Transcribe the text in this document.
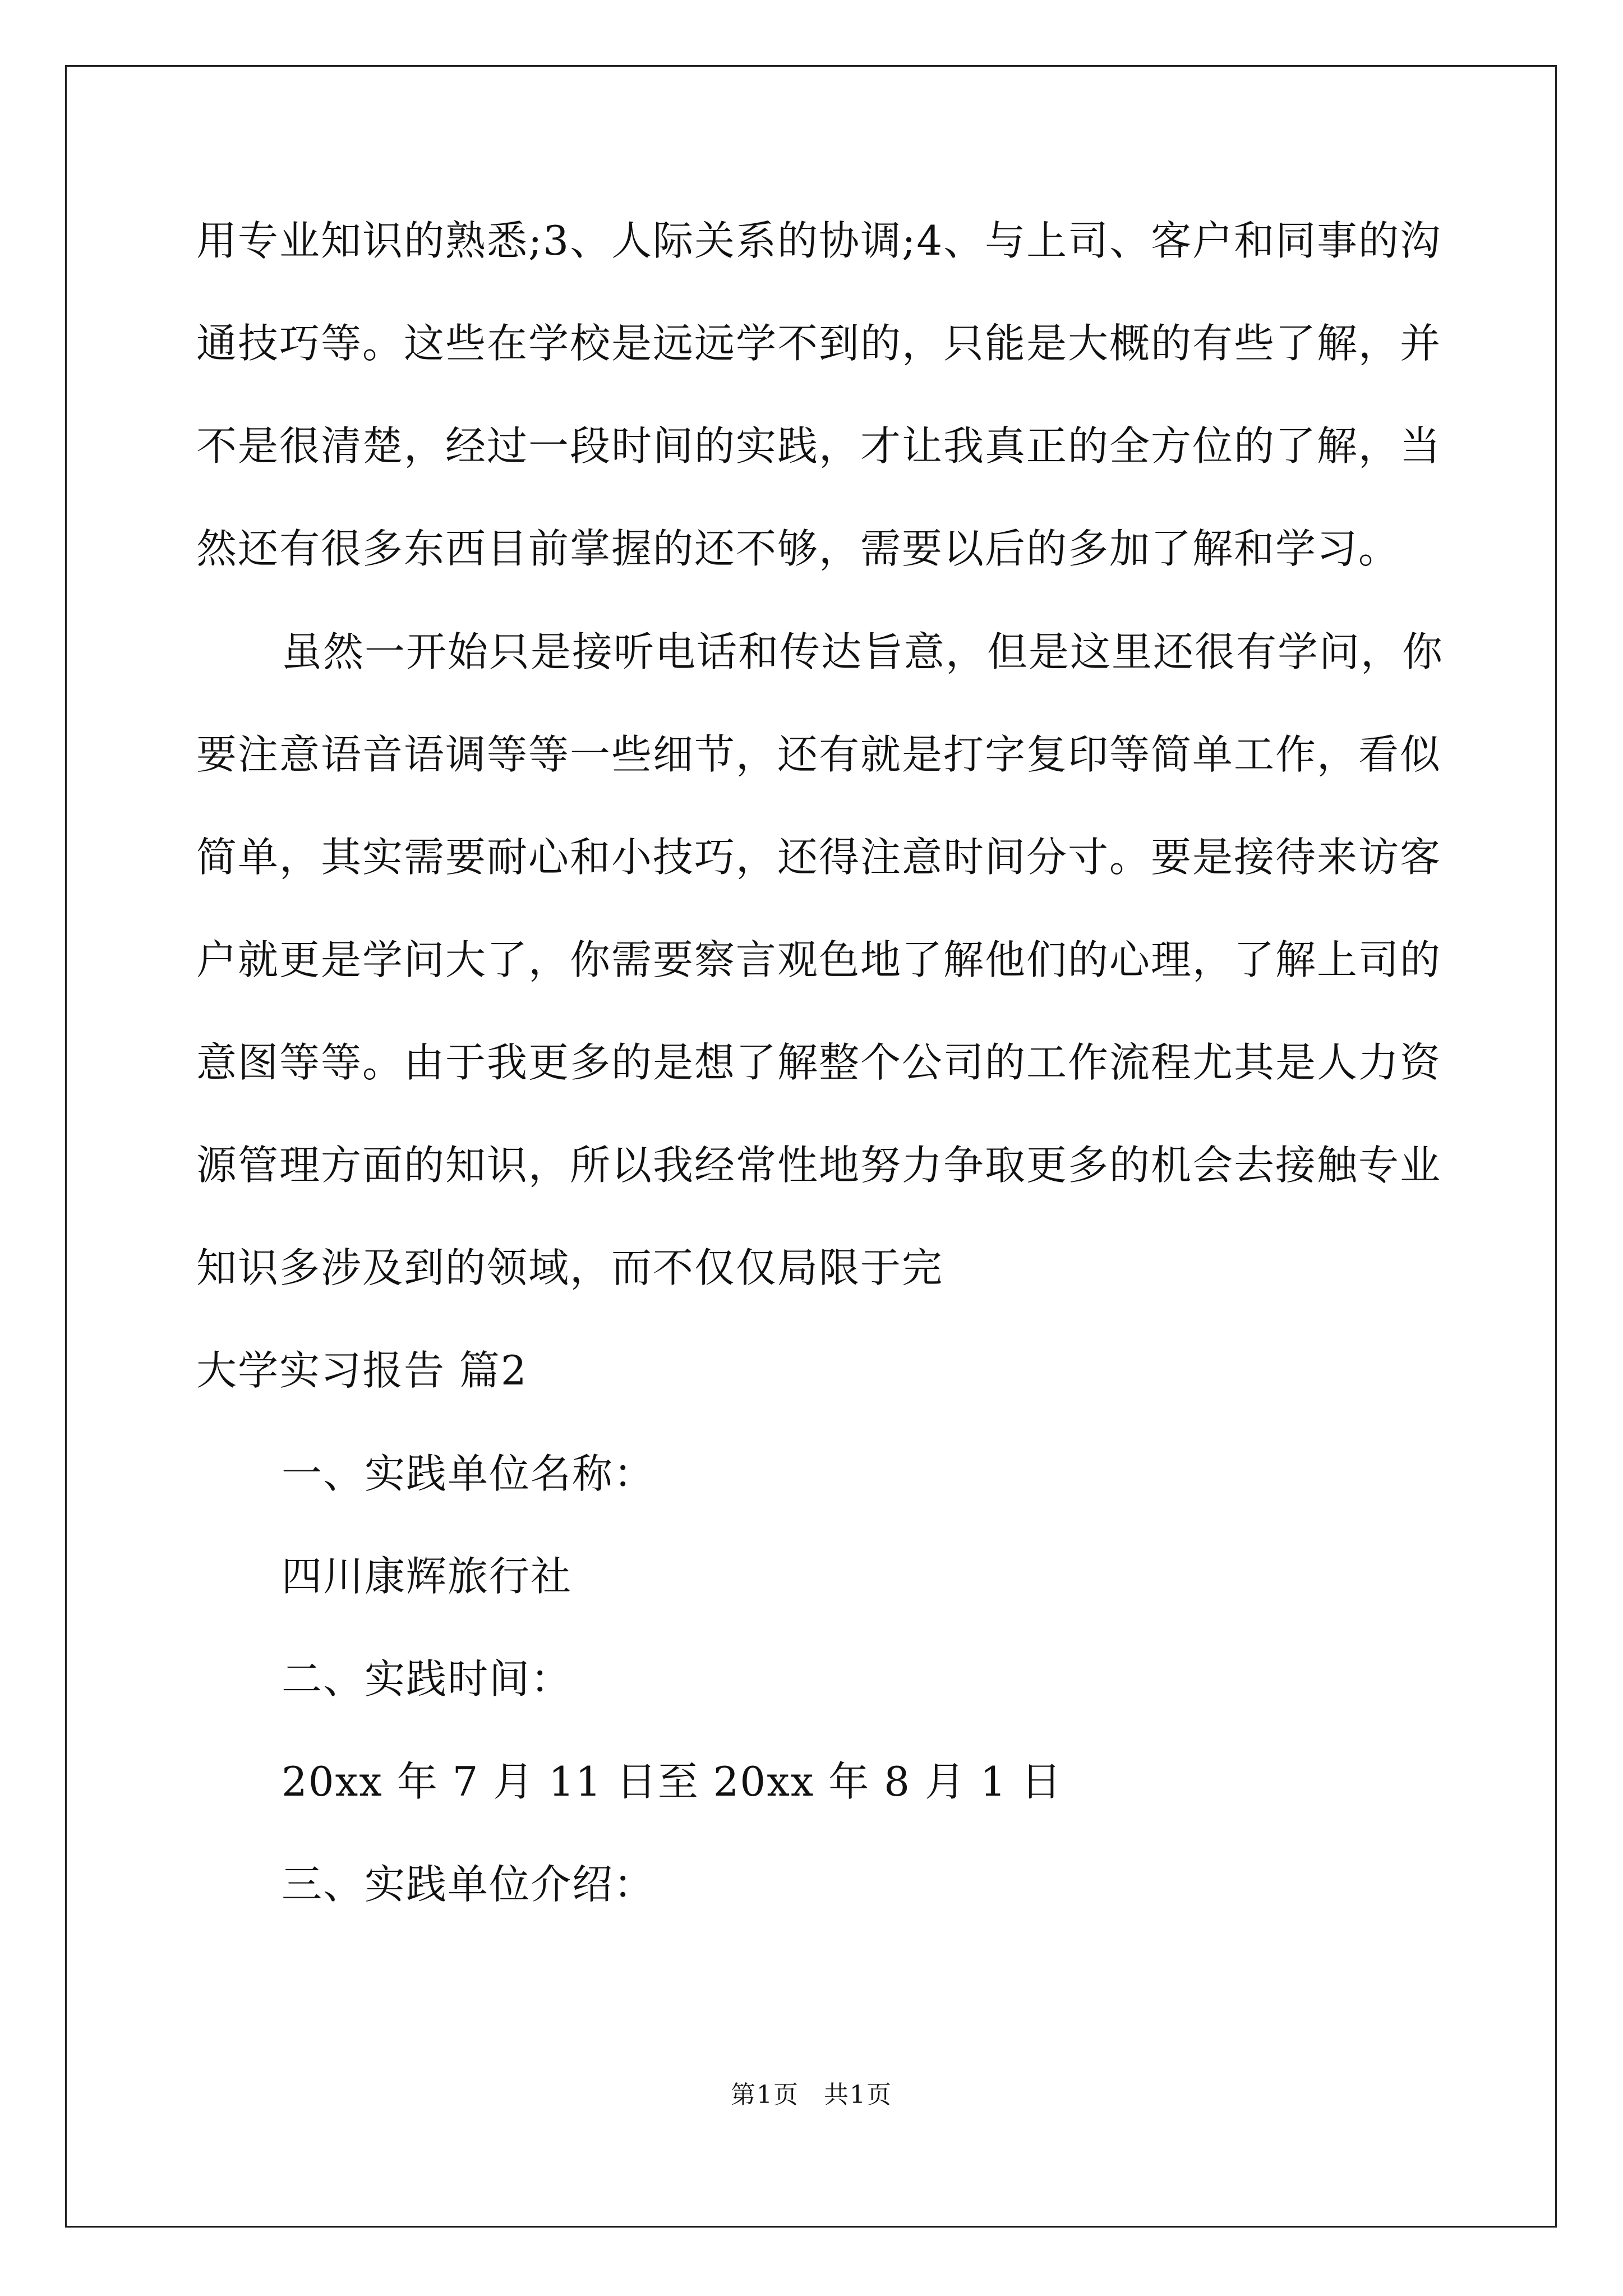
用专业知识的熟悉;3、人际关系的协调;4、与上司、客户和同事的沟
通技巧等。这些在学校是远远学不到的，只能是大概的有些了解，并
不是很清楚，经过一段时间的实践，才让我真正的全方位的了解，当
然还有很多东西目前掌握的还不够，需要以后的多加了解和学习。
虽然一开始只是接听电话和传达旨意，但是这里还很有学问，你
要注意语音语调等等一些细节，还有就是打字复印等简单工作，看似
简单，其实需要耐心和小技巧，还得注意时间分寸。要是接待来访客
户就更是学问大了，你需要察言观色地了解他们的心理，了解上司的
意图等等。由于我更多的是想了解整个公司的工作流程尤其是人力资
源管理方面的知识，所以我经常性地努力争取更多的机会去接触专业
知识多涉及到的领域，而不仅仅局限于完
大学实习报告 篇2
一、实践单位名称：
四川康辉旅行社
二、实践时间：
20xx 年 7 月 11 日至 20xx 年 8 月 1 日
三、实践单位介绍：
第1页 共1页
